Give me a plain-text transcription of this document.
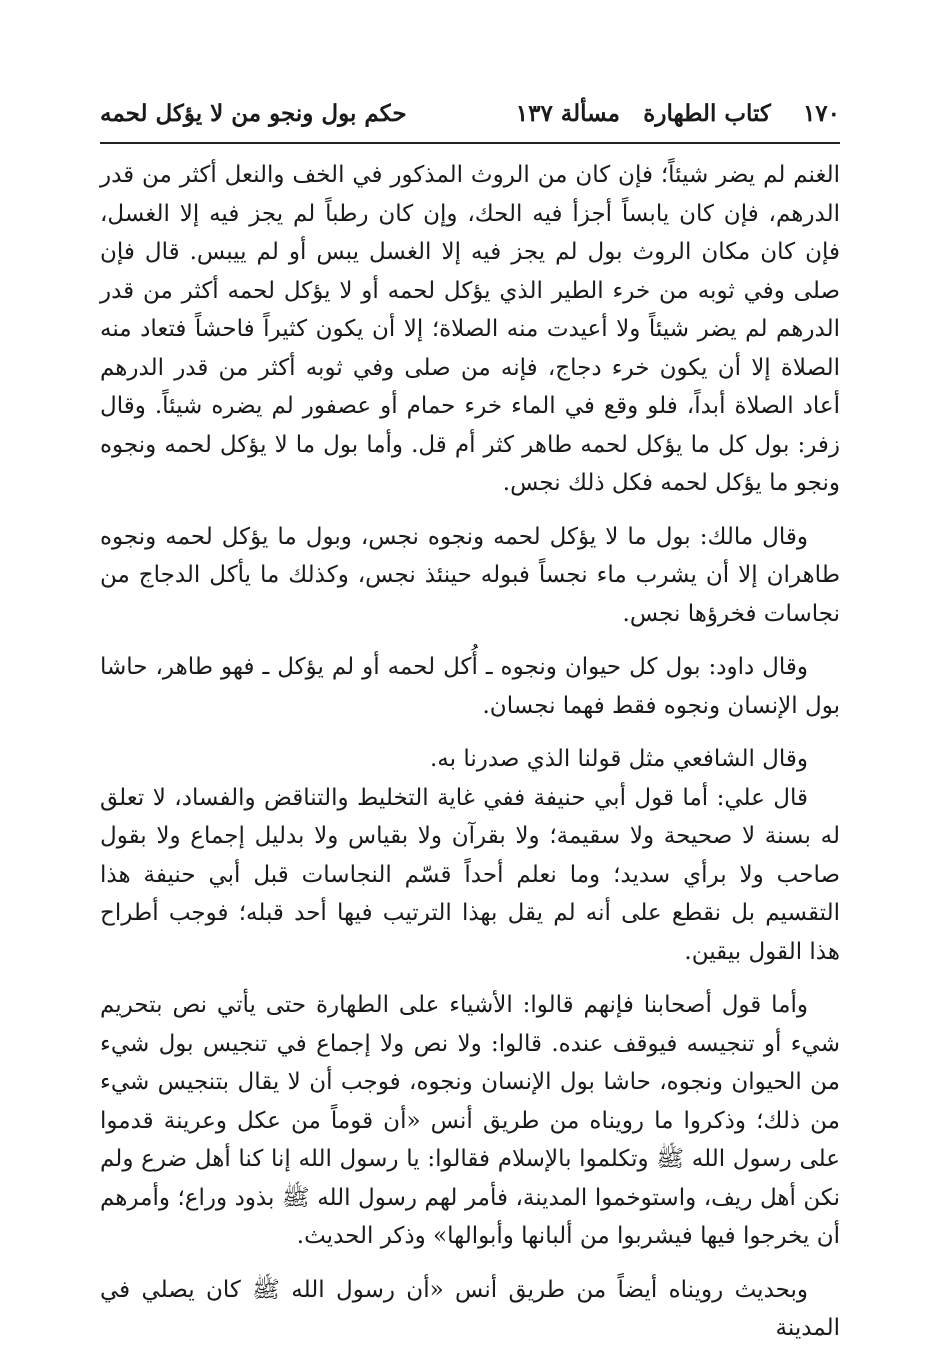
١٧٠    كتاب الطهارة
مسألة ١٣٧
حكم بول ونجو من لا يؤكل لحمه

الغنم لم يضر شيئاً؛ فإن كان من الروث المذكور في الخف والنعل أكثر من قدر الدرهم، فإن كان يابساً أجزأ فيه الحك، وإن كان رطباً لم يجز فيه إلا الغسل، فإن كان مكان الروث بول لم يجز فيه إلا الغسل يبس أو لم ييبس. قال فإن صلى وفي ثوبه من خرء الطير الذي يؤكل لحمه أو لا يؤكل لحمه أكثر من قدر الدرهم لم يضر شيئاً ولا أعيدت منه الصلاة؛ إلا أن يكون كثيراً فاحشاً فتعاد منه الصلاة إلا أن يكون خرء دجاج، فإنه من صلى وفي ثوبه أكثر من قدر الدرهم أعاد الصلاة أبداً، فلو وقع في الماء خرء حمام أو عصفور لم يضره شيئاً. وقال زفر: بول كل ما يؤكل لحمه طاهر كثر أم قل. وأما بول ما لا يؤكل لحمه ونجوه ونجو ما يؤكل لحمه فكل ذلك نجس.

وقال مالك: بول ما لا يؤكل لحمه ونجوه نجس، وبول ما يؤكل لحمه ونجوه طاهران إلا أن يشرب ماء نجساً فبوله حينئذ نجس، وكذلك ما يأكل الدجاج من نجاسات فخرؤها نجس.

وقال داود: بول كل حيوان ونجوه ـ أُكل لحمه أو لم يؤكل ـ فهو طاهر، حاشا بول الإنسان ونجوه فقط فهما نجسان.

وقال الشافعي مثل قولنا الذي صدرنا به.

قال علي: أما قول أبي حنيفة ففي غاية التخليط والتناقض والفساد، لا تعلق له بسنة لا صحيحة ولا سقيمة؛ ولا بقرآن ولا بقياس ولا بدليل إجماع ولا بقول صاحب ولا برأي سديد؛ وما نعلم أحداً قسّم النجاسات قبل أبي حنيفة هذا التقسيم بل نقطع على أنه لم يقل بهذا الترتيب فيها أحد قبله؛ فوجب أطراح هذا القول بيقين.

وأما قول أصحابنا فإنهم قالوا: الأشياء على الطهارة حتى يأتي نص بتحريم شيء أو تنجيسه فيوقف عنده. قالوا: ولا نص ولا إجماع في تنجيس بول شيء من الحيوان ونجوه، حاشا بول الإنسان ونجوه، فوجب أن لا يقال بتنجيس شيء من ذلك؛ وذكروا ما رويناه من طريق أنس «أن قوماً من عكل وعرينة قدموا على رسول الله ﷺ وتكلموا بالإسلام فقالوا: يا رسول الله إنا كنا أهل ضرع ولم نكن أهل ريف، واستوخموا المدينة، فأمر لهم رسول الله ﷺ بذود وراع؛ وأمرهم أن يخرجوا فيها فيشربوا من ألبانها وأبوالها» وذكر الحديث.

وبحديث رويناه أيضاً من طريق أنس «أن رسول الله ﷺ كان يصلي في المدينة
